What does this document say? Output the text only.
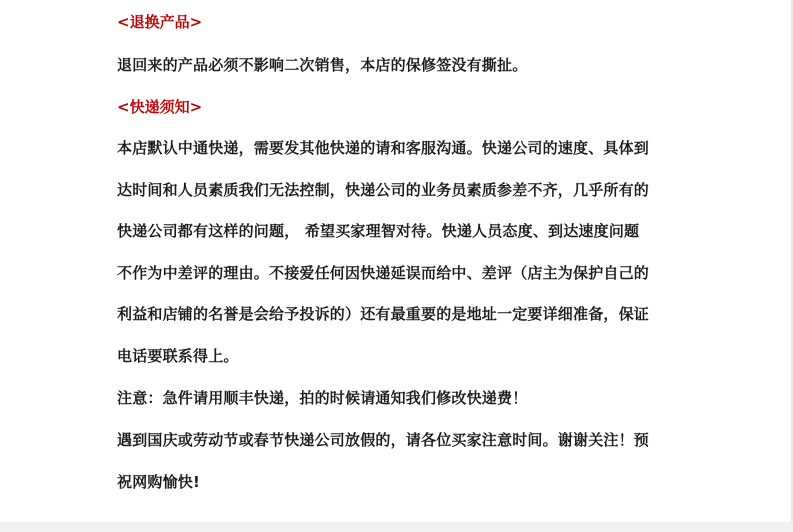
<退换产品>
退回来的产品必须不影响二次销售，本店的保修签没有撕扯。
<快递须知>
本店默认中通快递，需要发其他快递的请和客服沟通。快递公司的速度、具体到
达时间和人员素质我们无法控制，快递公司的业务员素质参差不齐，几乎所有的
快递公司都有这样的问题， 希望买家理智对待。快递人员态度、到达速度问题
不作为中差评的理由。不接爱任何因快递延误而给中、差评（店主为保护自己的
利益和店铺的名誉是会给予投诉的）还有最重要的是地址一定要详细准备，保证
电话要联系得上。
注意：急件请用顺丰快递，拍的时候请通知我们修改快递费！
遇到国庆或劳动节或春节快递公司放假的，请各位买家注意时间。谢谢关注！预
祝网购愉快!
